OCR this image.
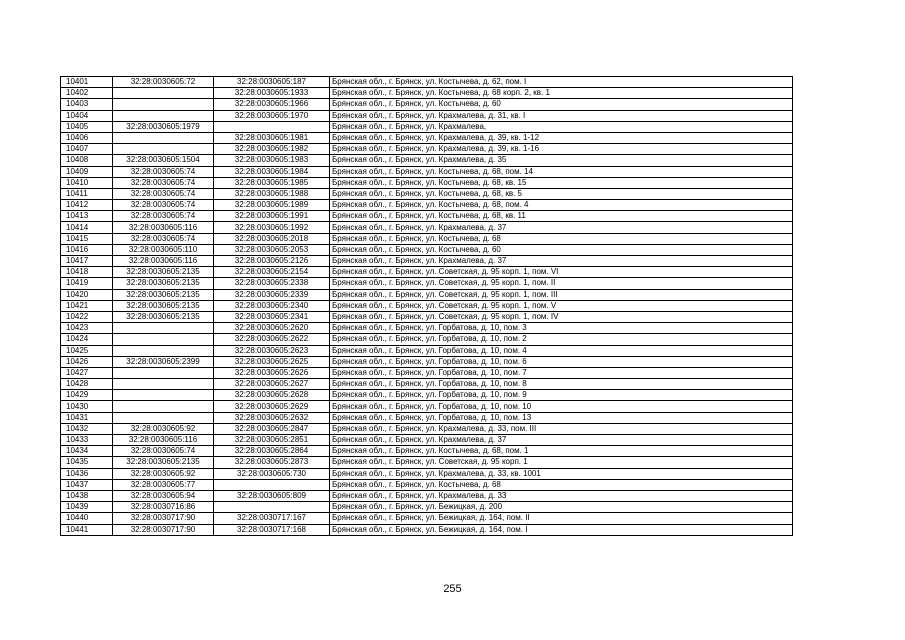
10401	32:28:0030605:72	32:28:0030605:187	Брянская обл., г. Брянск, ул. Костычева, д. 62, пом. I
10402		32:28:0030605:1933	Брянская обл., г. Брянск, ул. Костычева, д. 68 корп. 2, кв. 1
10403		32:28:0030605:1966	Брянская обл., г. Брянск, ул. Костычева, д. 60
10404		32:28:0030605:1970	Брянская обл., г. Брянск, ул. Крахмалева, д. 31, кв. I
10405	32:28:0030605:1979		Брянская обл., г. Брянск, ул. Крахмалева,
10406		32:28:0030605:1981	Брянская обл., г. Брянск, ул. Крахмалева, д. 39, кв. 1-12
10407		32:28:0030605:1982	Брянская обл., г. Брянск, ул. Крахмалева, д. 39, кв. 1-16
10408	32:28:0030605:1504	32:28:0030605:1983	Брянская обл., г. Брянск, ул. Крахмалева, д. 35
10409	32:28:0030605:74	32:28:0030605:1984	Брянская обл., г. Брянск, ул. Костычева, д. 68, пом. 14
10410	32:28:0030605:74	32:28:0030605:1985	Брянская обл., г. Брянск, ул. Костычева, д. 68, кв. 15
10411	32:28:0030605:74	32:28:0030605:1988	Брянская обл., г. Брянск, ул. Костычева, д. 68, кв. 5
10412	32:28:0030605:74	32:28:0030605:1989	Брянская обл., г. Брянск, ул. Костычева, д. 68, пом. 4
10413	32:28:0030605:74	32:28:0030605:1991	Брянская обл., г. Брянск, ул. Костычева, д. 68, кв. 11
10414	32:28:0030605:116	32:28:0030605:1992	Брянская обл., г. Брянск, ул. Крахмалева, д. 37
10415	32:28:0030605:74	32:28:0030605:2018	Брянская обл., г. Брянск, ул. Костычева, д. 68
10416	32:28:0030605:110	32:28:0030605:2053	Брянская обл., г. Брянск, ул. Костычева, д. 60
10417	32:28:0030605:116	32:28:0030605:2126	Брянская обл., г. Брянск, ул. Крахмалева, д. 37
10418	32:28:0030605:2135	32:28:0030605:2154	Брянская обл., г. Брянск, ул. Советская, д. 95 корп. 1, пом. VI
10419	32:28:0030605:2135	32:28:0030605:2338	Брянская обл., г. Брянск, ул. Советская, д. 95 корп. 1, пом. II
10420	32:28:0030605:2135	32:28:0030605:2339	Брянская обл., г. Брянск, ул. Советская, д. 95 корп. 1, пом. III
10421	32:28:0030605:2135	32:28:0030605:2340	Брянская обл., г. Брянск, ул. Советская, д. 95 корп. 1, пом. V
10422	32:28:0030605:2135	32:28:0030605:2341	Брянская обл., г. Брянск, ул. Советская, д. 95 корп. 1, пом. IV
10423		32:28:0030605:2620	Брянская обл., г. Брянск, ул. Горбатова, д. 10, пом. 3
10424		32:28:0030605:2622	Брянская обл., г. Брянск, ул. Горбатова, д. 10, пом. 2
10425		32:28:0030605:2623	Брянская обл., г. Брянск, ул. Горбатова, д. 10, пом. 4
10426	32:28:0030605:2399	32:28:0030605:2625	Брянская обл., г. Брянск, ул. Горбатова, д. 10, пом. 6
10427		32:28:0030605:2626	Брянская обл., г. Брянск, ул. Горбатова, д. 10, пом. 7
10428		32:28:0030605:2627	Брянская обл., г. Брянск, ул. Горбатова, д. 10, пом. 8
10429		32:28:0030605:2628	Брянская обл., г. Брянск, ул. Горбатова, д. 10, пом. 9
10430		32:28:0030605:2629	Брянская обл., г. Брянск, ул. Горбатова, д. 10, пом. 10
10431		32:28:0030605:2632	Брянская обл., г. Брянск, ул. Горбатова, д. 10, пом. 13
10432	32:28:0030605:92	32:28:0030605:2847	Брянская обл., г. Брянск, ул. Крахмалева, д. 33, пом. III
10433	32:28:0030605:116	32:28:0030605:2851	Брянская обл., г. Брянск, ул. Крахмалева, д. 37
10434	32:28:0030605:74	32:28:0030605:2864	Брянская обл., г. Брянск, ул. Костычева, д. 68, пом. 1
10435	32:28:0030605:2135	32:28:0030605:2873	Брянская обл., г. Брянск, ул. Советская, д. 95 корп. 1
10436	32:28:0030605:92	32:28:0030605:730	Брянская обл., г. Брянск, ул. Крахмалева, д. 33, кв. 1001
10437	32:28:0030605:77		Брянская обл., г. Брянск, ул. Костычева, д. 68
10438	32:28:0030605:94	32:28:0030605:809	Брянская обл., г. Брянск, ул. Крахмалева, д. 33
10439	32:28:0030716:86		Брянская обл., г. Брянск, ул. Бежицкая, д. 200
10440	32:28:0030717:90	32:28:0030717:167	Брянская обл., г. Брянск, ул. Бежицкая, д. 164, пом. II
10441	32:28:0030717:90	32:28:0030717:168	Брянская обл., г. Брянск, ул. Бежицкая, д. 164, пом. I
255
